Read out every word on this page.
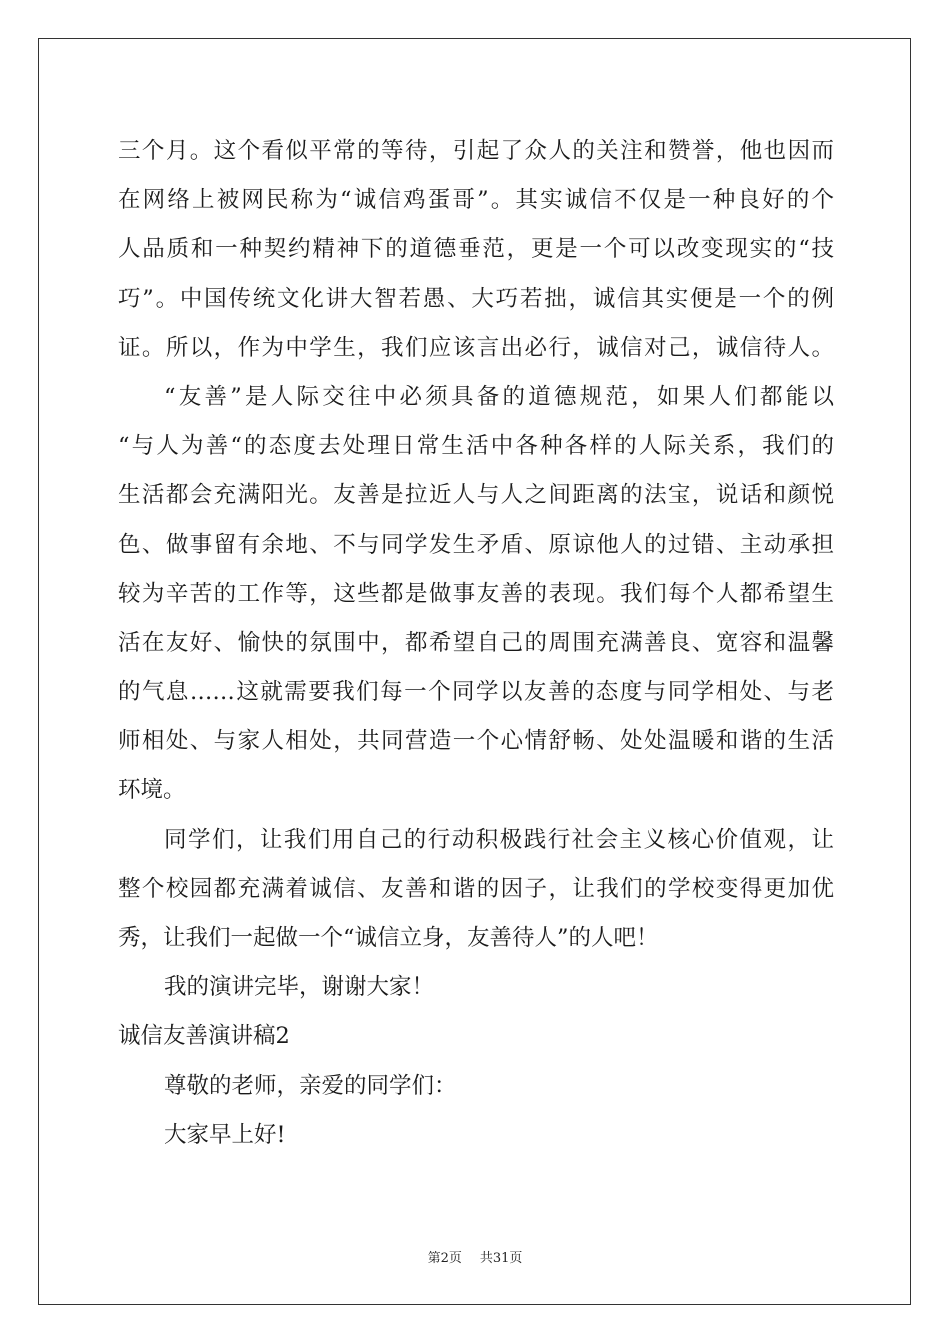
三个月。这个看似平常的等待，引起了众人的关注和赞誉，他也因而
在网络上被网民称为“诚信鸡蛋哥”。其实诚信不仅是一种良好的个
人品质和一种契约精神下的道德垂范，更是一个可以改变现实的“技
巧”。中国传统文化讲大智若愚、大巧若拙，诚信其实便是一个的例
证。所以，作为中学生，我们应该言出必行，诚信对己，诚信待人。
“友善”是人际交往中必须具备的道德规范，如果人们都能以
“与人为善“的态度去处理日常生活中各种各样的人际关系，我们的
生活都会充满阳光。友善是拉近人与人之间距离的法宝，说话和颜悦
色、做事留有余地、不与同学发生矛盾、原谅他人的过错、主动承担
较为辛苦的工作等，这些都是做事友善的表现。我们每个人都希望生
活在友好、愉快的氛围中，都希望自己的周围充满善良、宽容和温馨
的气息……这就需要我们每一个同学以友善的态度与同学相处、与老
师相处、与家人相处，共同营造一个心情舒畅、处处温暖和谐的生活
环境。
同学们，让我们用自己的行动积极践行社会主义核心价值观，让
整个校园都充满着诚信、友善和谐的因子，让我们的学校变得更加优
秀，让我们一起做一个“诚信立身，友善待人”的人吧！
我的演讲完毕，谢谢大家！
诚信友善演讲稿2
尊敬的老师，亲爱的同学们：
大家早上好!
第2页 共31页
